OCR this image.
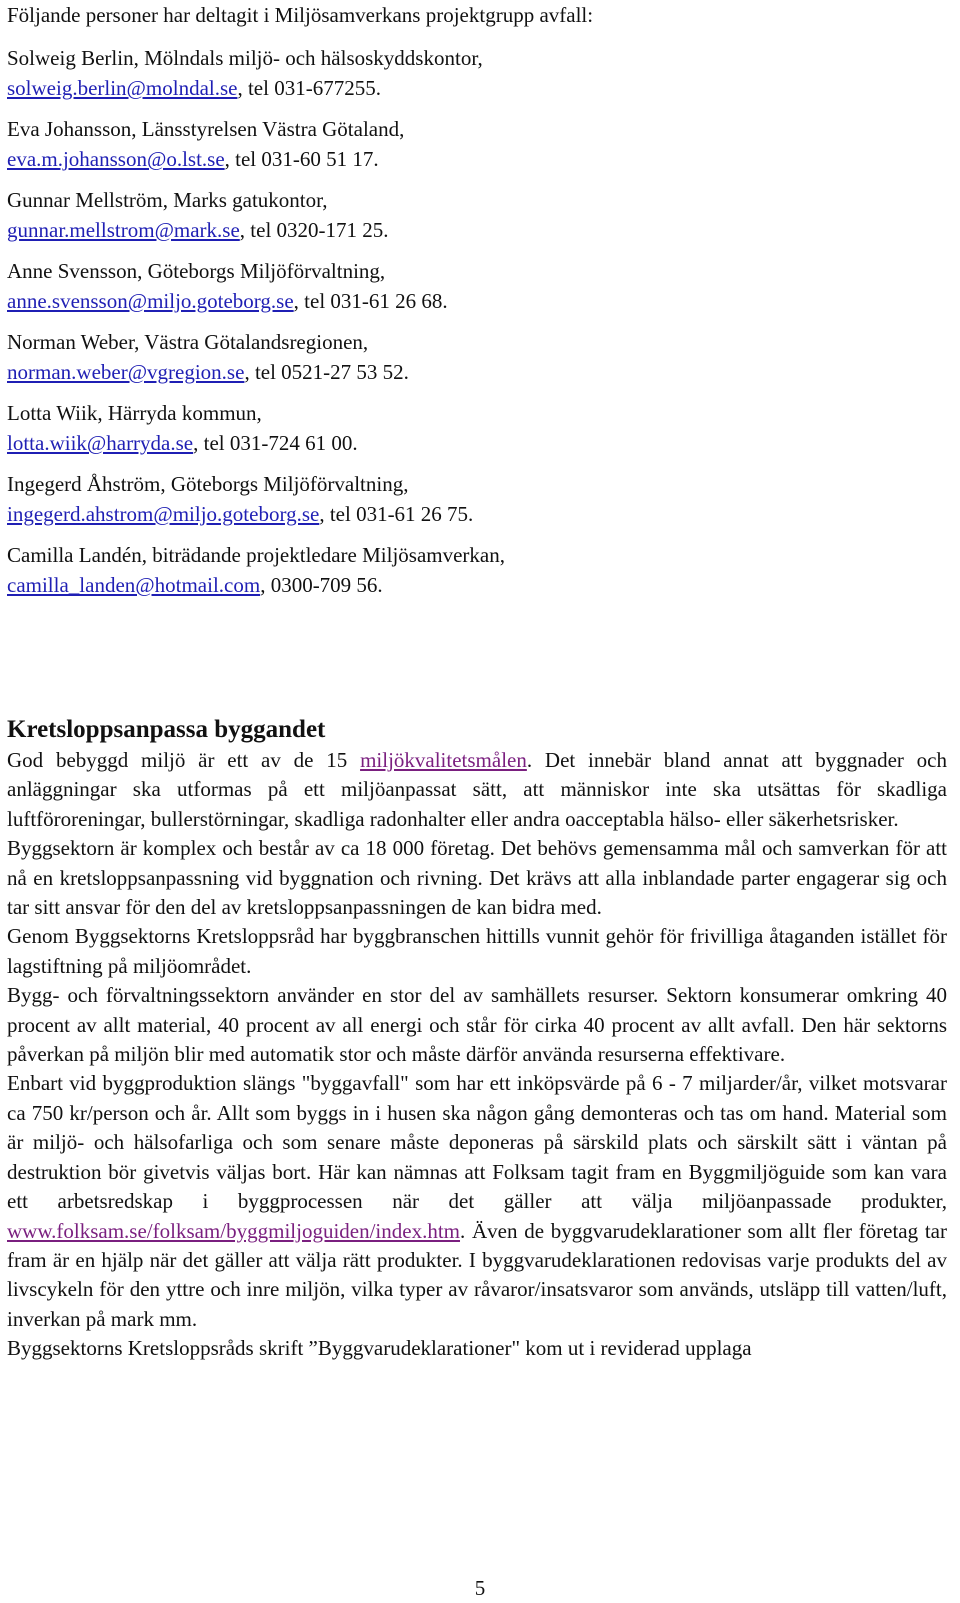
Följande personer har deltagit i Miljösamverkans projektgrupp avfall:

Solweig Berlin, Mölndals miljö- och hälsoskyddskontor,
solweig.berlin@molndal.se, tel 031-677255.
Eva Johansson, Länsstyrelsen Västra Götaland,
eva.m.johansson@o.lst.se, tel 031-60 51 17.
Gunnar Mellström, Marks gatukontor,
gunnar.mellstrom@mark.se, tel 0320-171 25.
Anne Svensson, Göteborgs Miljöförvaltning,
anne.svensson@miljo.goteborg.se, tel 031-61 26 68.
Norman Weber, Västra Götalandsregionen,
norman.weber@vgregion.se, tel 0521-27 53 52.
Lotta Wiik, Härryda kommun,
lotta.wiik@harryda.se, tel 031-724 61 00.
Ingegerd Åhström, Göteborgs Miljöförvaltning,
ingegerd.ahstrom@miljo.goteborg.se, tel 031-61 26 75.
Camilla Landén, biträdande projektledare Miljösamverkan,
camilla_landen@hotmail.com, 0300-709 56.
Kretsloppsanpassa byggandet

God bebyggd miljö är ett av de 15 miljökvalitetsmålen. Det innebär bland annat att byggnader och anläggningar ska utformas på ett miljöanpassat sätt, att människor inte ska utsättas för skadliga luftföroreningar, bullerstörningar, skadliga radonhalter eller andra oacceptabla hälso- eller säkerhetsrisker.

Byggsektorn är komplex och består av ca 18 000 företag. Det behövs gemensamma mål och samverkan för att nå en kretsloppsanpassning vid byggnation och rivning. Det krävs att alla inblandade parter engagerar sig och tar sitt ansvar för den del av kretsloppsanpassningen de kan bidra med.

Genom Byggsektorns Kretsloppsråd har byggbranschen hittills vunnit gehör för frivilliga åtaganden istället för lagstiftning på miljöområdet.

Bygg- och förvaltningssektorn använder en stor del av samhällets resurser. Sektorn konsumerar omkring 40 procent av allt material, 40 procent av all energi och står för cirka 40 procent av allt avfall. Den här sektorns påverkan på miljön blir med automatik stor och måste därför använda resurserna effektivare.

Enbart vid byggproduktion slängs "byggavfall" som har ett inköpsvärde på 6 - 7 miljarder/år, vilket motsvarar ca 750 kr/person och år. Allt som byggs in i husen ska någon gång demonteras och tas om hand. Material som är miljö- och hälsofarliga och som senare måste deponeras på särskild plats och särskilt sätt i väntan på destruktion bör givetvis väljas bort. Här kan nämnas att Folksam tagit fram en Byggmiljöguide som kan vara ett arbetsredskap i byggprocessen när det gäller att välja miljöanpassade produkter, www.folksam.se/folksam/byggmiljoguiden/index.htm. Även de byggvarudeklarationer som allt fler företag tar fram är en hjälp när det gäller att välja rätt produkter. I byggvarudeklarationen redovisas varje produkts del av livscykeln för den yttre och inre miljön, vilka typer av råvaror/insatsvaror som används, utsläpp till vatten/luft, inverkan på mark mm.

Byggsektorns Kretsloppsråds skrift ”Byggvarudeklarationer" kom ut i reviderad upplaga

5
